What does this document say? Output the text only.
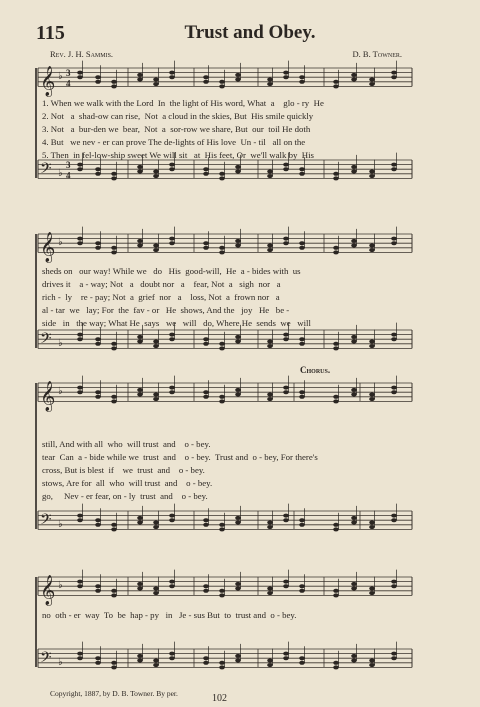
115	Trust and Obey.
Rev. J. H. Sammis.	D. B. Towner.
𝄞 ♭ 3
4
𝄢 ♭
3
4
1. When we walk with the Lord  In  the light of His word, What  a    glo - ry  He
2. Not   a  shad-ow can rise,  Not  a cloud in the skies, But  His smile quickly
3. Not   a  bur-den we  bear,  Not  a  sor-row we share, But  our  toil He doth
4. But   we nev - er can prove The de-lights of His love  Un - til   all on the
5. Then  in fel-low-ship sweet We will sit   at  His feet, Or  we'll walk by  His
𝄞 ♭
𝄢 ♭
sheds on   our way! While we   do   His  good-will,  He  a - bides with  us
drives it    a - way; Not   a   doubt nor   a    fear, Not  a   sigh  nor   a
rich -  ly    re - pay; Not  a  grief  nor   a    loss, Not  a  frown nor   a
al - tar  we   lay; For  the  fav - or   He  shows, And the   joy   He   be -
side   in   the way; What He  says   we   will   do, Where He  sends  we   will
Chorus.
𝄞 ♭
𝄢 ♭
still, And with all  who  will trust  and    o - bey.
tear  Can  a - bide while we  trust  and    o - bey.  Trust and  o - bey, For there's
cross, But is blest  if    we  trust  and    o - bey.
stows, Are for  all  who  will trust  and    o - bey.
go,     Nev - er fear, on - ly  trust  and    o - bey.
𝄞 ♭
𝄢 ♭
no  oth - er  way  To  be  hap - py   in   Je - sus But  to  trust and  o - bey.
Copyright, 1887, by D. B. Towner. By per.	102
